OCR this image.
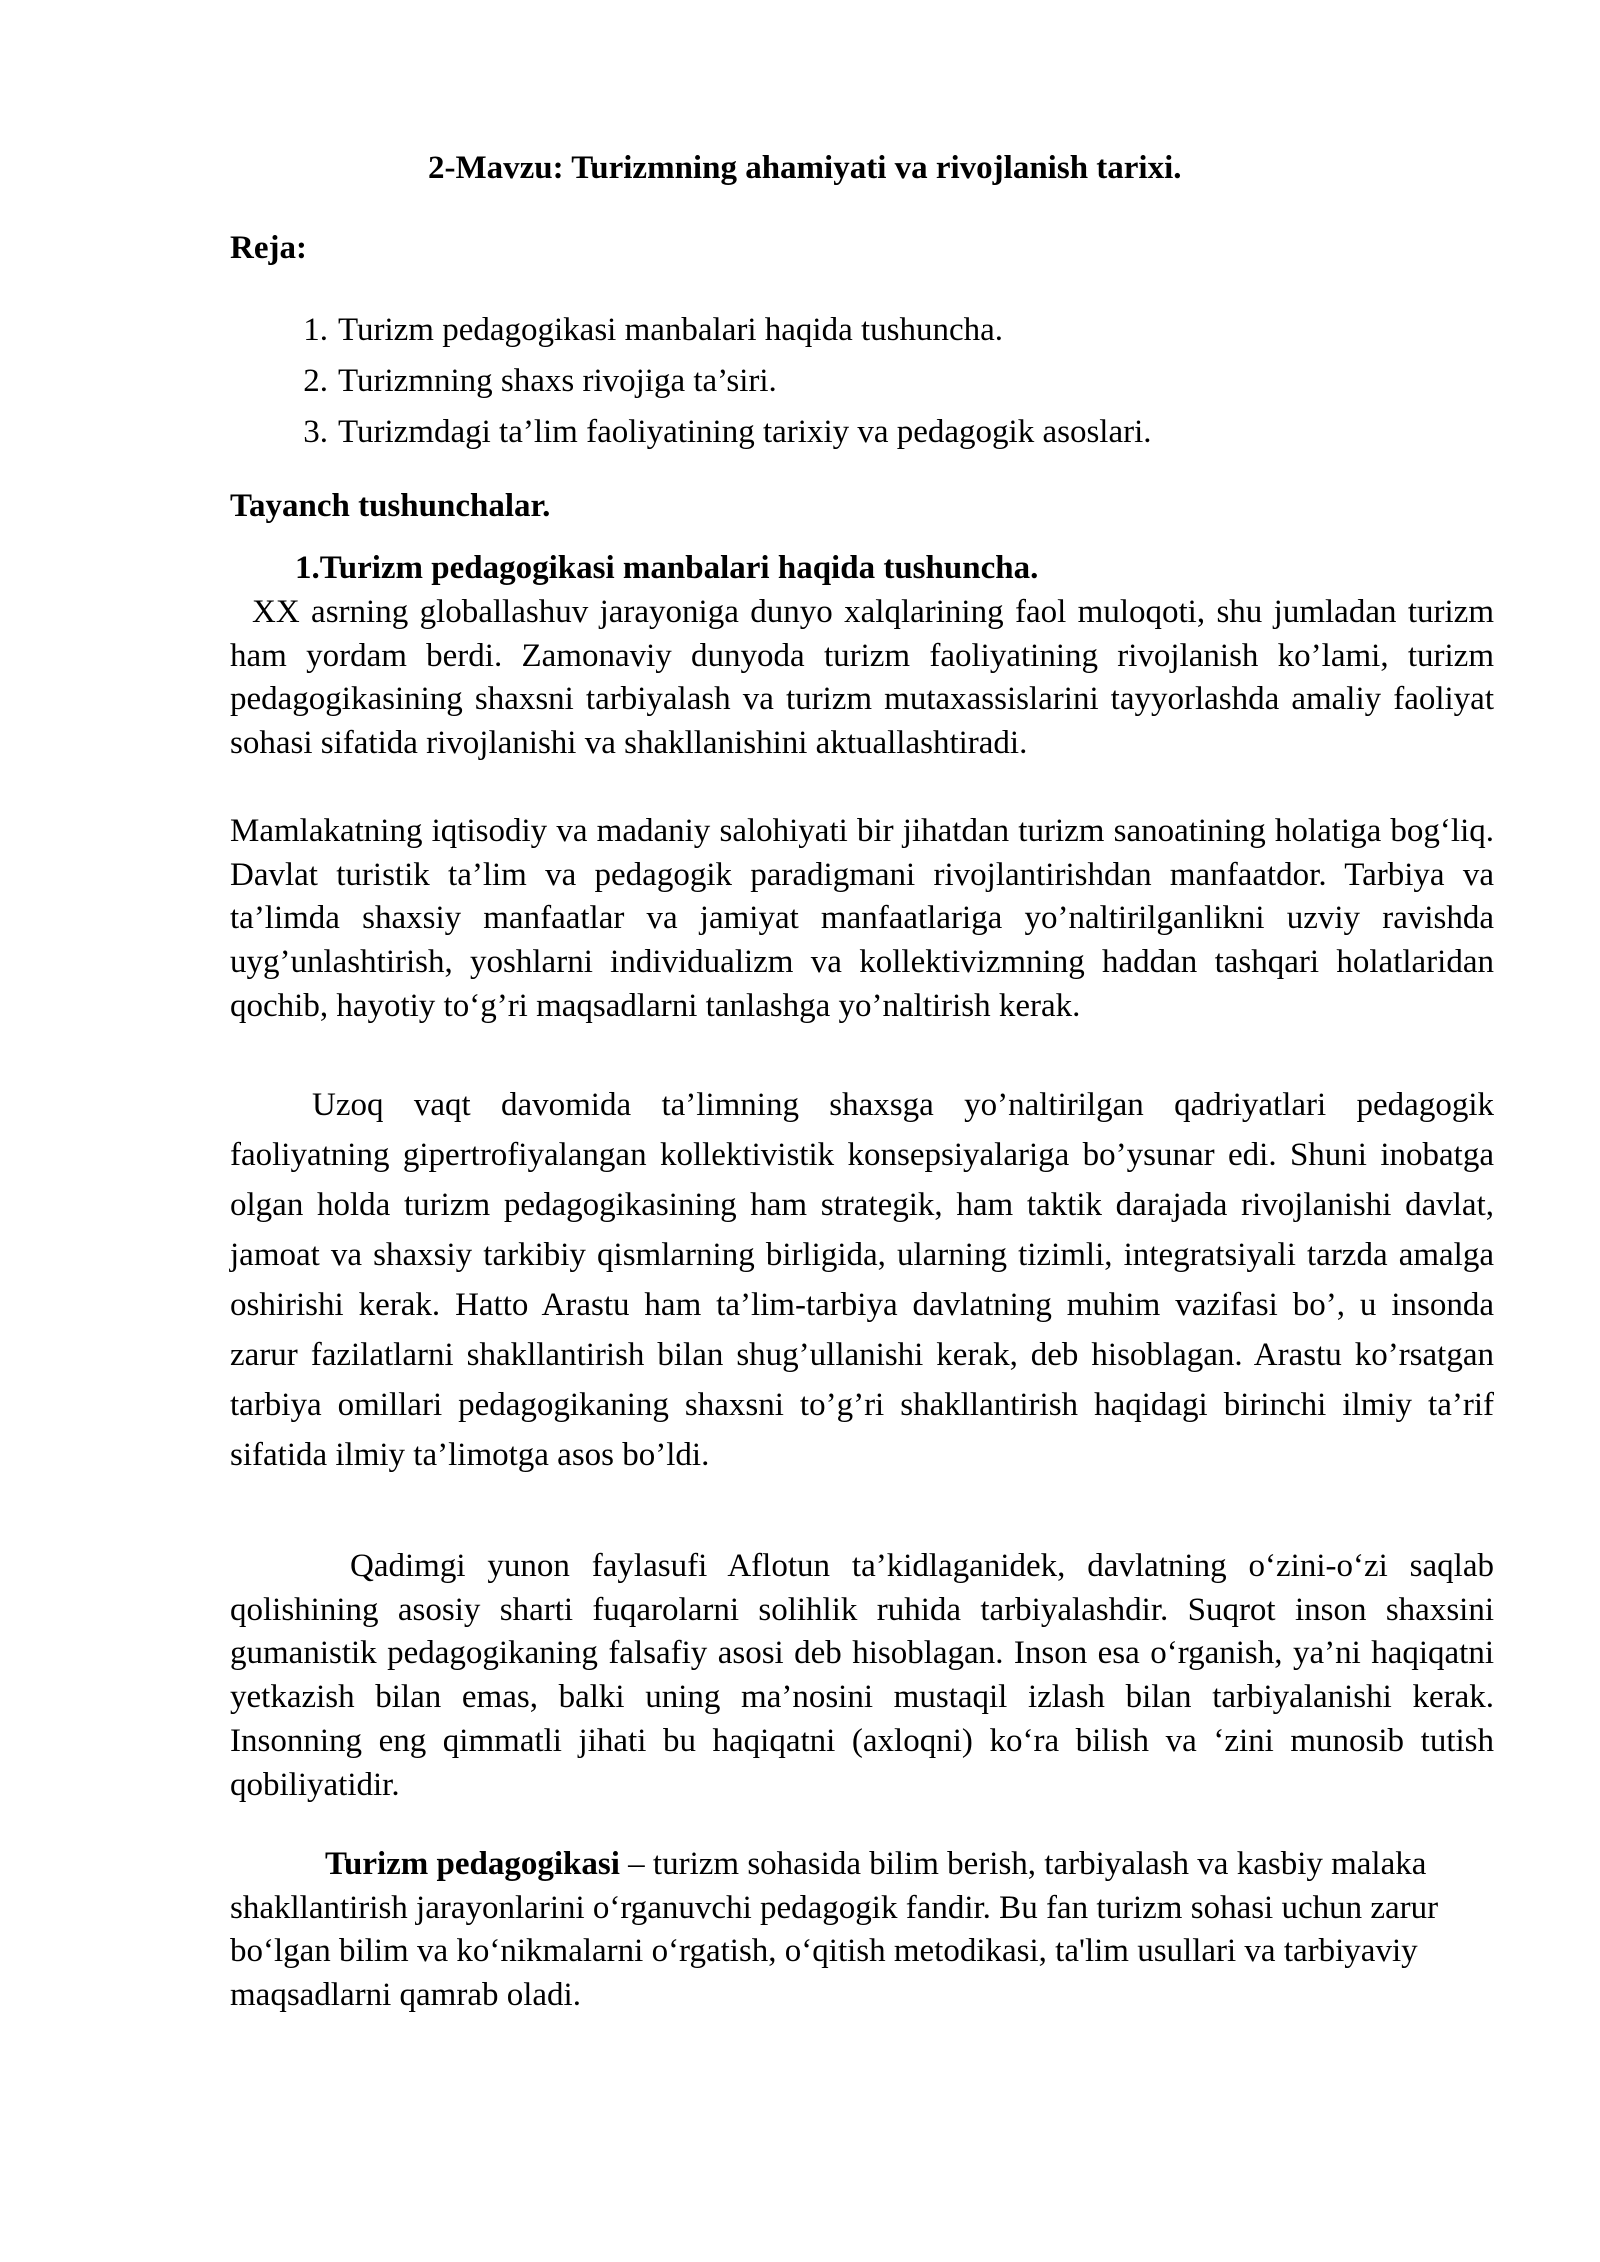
2-Mavzu: Turizmning ahamiyati va rivojlanish tarixi.

Reja:

1. Turizm pedagogikasi manbalari haqida tushuncha.
2. Turizmning shaxs rivojiga ta’siri.
3. Turizmdagi ta’lim faoliyatining tarixiy va pedagogik asoslari.

Tayanch tushunchalar.

1.Turizm pedagogikasi manbalari haqida tushuncha.

XX asrning globallashuv jarayoniga dunyo xalqlarining faol muloqoti, shu jumladan turizm ham yordam berdi. Zamonaviy dunyoda turizm faoliyatining rivojlanish ko’lami, turizm pedagogikasining shaxsni tarbiyalash va turizm mutaxassislarini tayyorlashda amaliy faoliyat sohasi sifatida rivojlanishi va shakllanishini aktuallashtiradi.

Mamlakatning iqtisodiy va madaniy salohiyati bir jihatdan turizm sanoatining holatiga bog‘liq. Davlat turistik ta’lim va pedagogik paradigmani rivojlantirishdan manfaatdor. Tarbiya va ta’limda shaxsiy manfaatlar va jamiyat manfaatlariga yo’naltirilganlikni uzviy ravishda uyg’unlashtirish, yoshlarni individualizm va kollektivizmning haddan tashqari holatlaridan qochib, hayotiy to‘g’ri maqsadlarni tanlashga yo’naltirish kerak.

Uzoq vaqt davomida ta’limning shaxsga yo’naltirilgan qadriyatlari pedagogik faoliyatning gipertrofiyalangan kollektivistik konsepsiyalariga bo’ysunar edi. Shuni inobatga olgan holda turizm pedagogikasining ham strategik, ham taktik darajada rivojlanishi davlat, jamoat va shaxsiy tarkibiy qismlarning birligida, ularning tizimli, integratsiyali tarzda amalga oshirishi kerak. Hatto Arastu ham ta’lim-tarbiya davlatning muhim vazifasi bo’, u insonda zarur fazilatlarni shakllantirish bilan shug’ullanishi kerak, deb hisoblagan. Arastu ko’rsatgan tarbiya omillari pedagogikaning shaxsni to’g’ri shakllantirish haqidagi birinchi ilmiy ta’rif sifatida ilmiy ta’limotga asos bo’ldi.

Qadimgi yunon faylasufi Aflotun ta’kidlaganidek, davlatning o‘zini-o‘zi saqlab qolishining asosiy sharti fuqarolarni solihlik ruhida tarbiyalashdir. Suqrot inson shaxsini gumanistik pedagogikaning falsafiy asosi deb hisoblagan. Inson esa o‘rganish, ya’ni haqiqatni yetkazish bilan emas, balki uning ma’nosini mustaqil izlash bilan tarbiyalanishi kerak. Insonning eng qimmatli jihati bu haqiqatni (axloqni) ko‘ra bilish va ‘zini munosib tutish qobiliyatidir.

Turizm pedagogikasi – turizm sohasida bilim berish, tarbiyalash va kasbiy malaka shakllantirish jarayonlarini o‘rganuvchi pedagogik fandir. Bu fan turizm sohasi uchun zarur bo‘lgan bilim va ko‘nikmalarni o‘rgatish, o‘qitish metodikasi, ta'lim usullari va tarbiyaviy maqsadlarni qamrab oladi.
